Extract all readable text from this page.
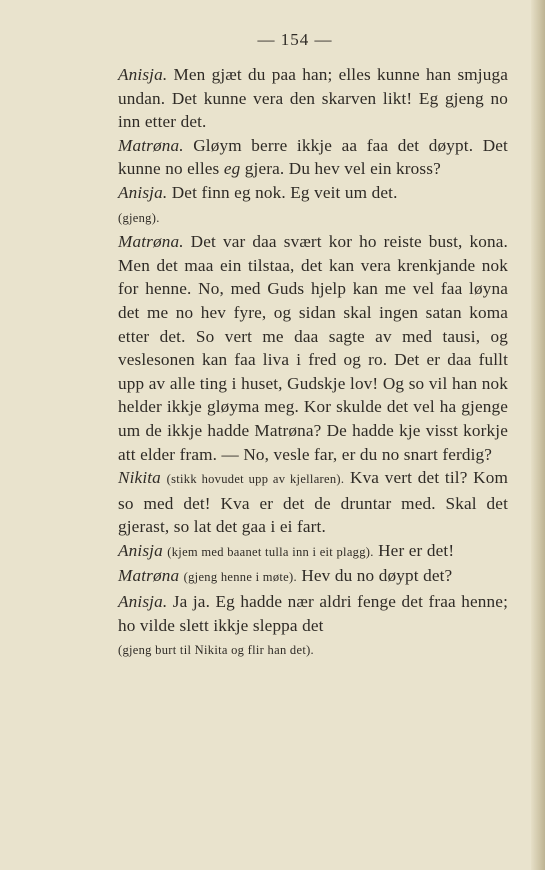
— 154 —
Anisja. Men gjæt du paa han; elles kunne han smjuga undan. Det kunne vera den skarven likt! Eg gjeng no inn etter det.
Matrøna. Gløym berre ikkje aa faa det døypt. Det kunne no elles eg gjera. Du hev vel ein kross?
Anisja. Det finn eg nok. Eg veit um det.
(gjeng).
Matrøna. Det var daa svært kor ho reiste bust, kona. Men det maa ein tilstaa, det kan vera krenkjande nok for henne. No, med Guds hjelp kan me vel faa løyna det me no hev fyre, og sidan skal ingen satan koma etter det. So vert me daa sagte av med tausi, og veslesonen kan faa liva i fred og ro. Det er daa fullt upp av alle ting i huset, Gudskje lov! Og so vil han nok helder ikkje gløyma meg. Kor skulde det vel ha gjenge um de ikkje hadde Matrøna? De hadde kje visst korkje att elder fram. — No, vesle far, er du no snart ferdig?
Nikita (stikk hovudet upp av kjellaren). Kva vert det til? Kom so med det! Kva er det de druntar med. Skal det gjerast, so lat det gaa i ei fart.
Anisja (kjem med baanet tulla inn i eit plagg). Her er det!
Matrøna (gjeng henne i møte). Hev du no døypt det?
Anisja. Ja ja. Eg hadde nær aldri fenge det fraa henne; ho vilde slett ikkje sleppa det
(gjeng burt til Nikita og flir han det).
